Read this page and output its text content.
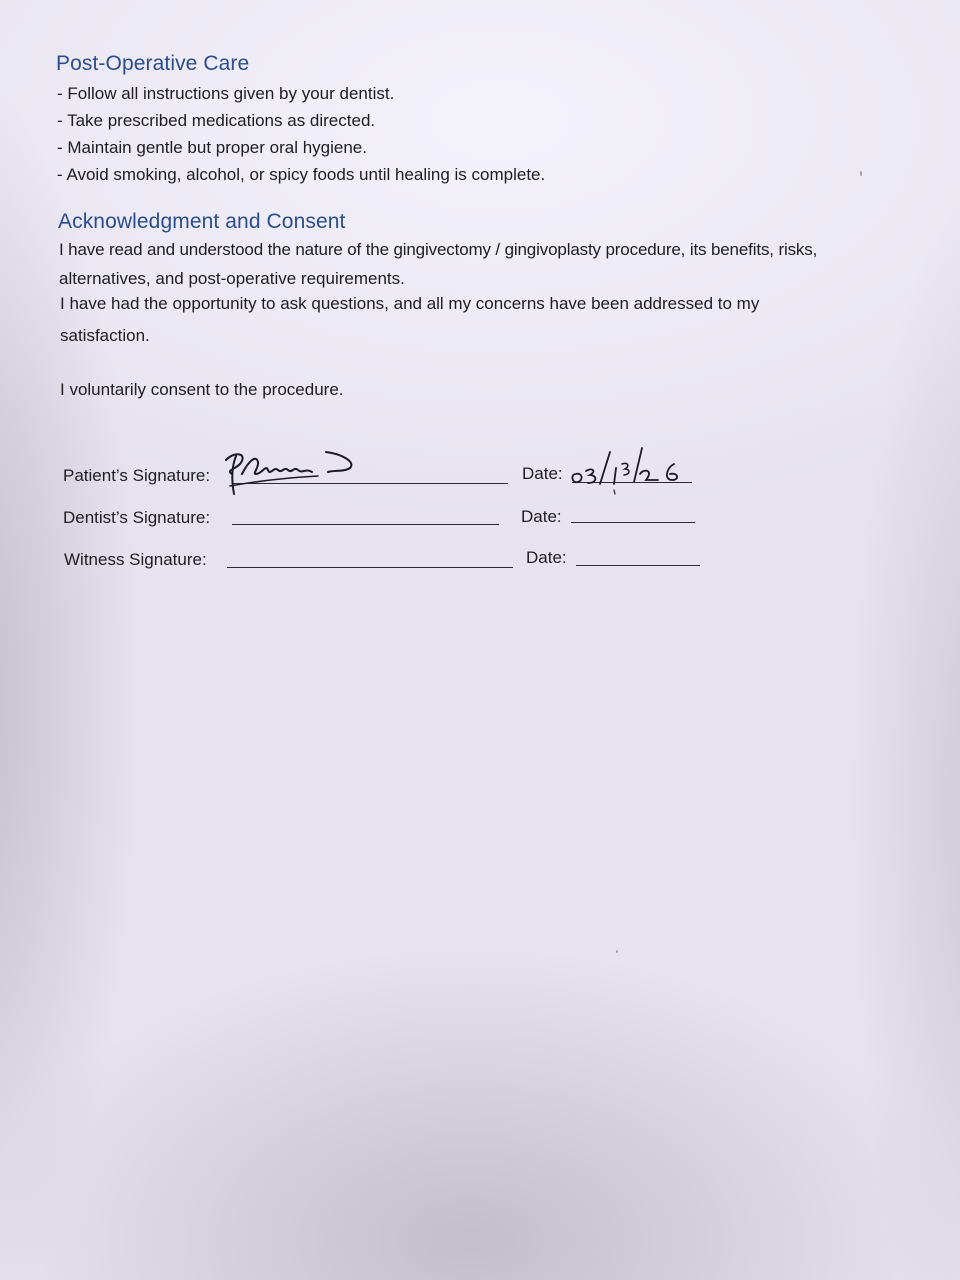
Post-Operative Care
- Follow all instructions given by your dentist.
- Take prescribed medications as directed.
- Maintain gentle but proper oral hygiene.
- Avoid smoking, alcohol, or spicy foods until healing is complete.
Acknowledgment and Consent
I have read and understood the nature of the gingivectomy / gingivoplasty procedure, its benefits, risks,
alternatives, and post-operative requirements.
I have had the opportunity to ask questions, and all my concerns have been addressed to my
satisfaction.
I voluntarily consent to the procedure.
Patient’s Signature:	Date:
Dentist’s Signature:	Date:
Witness Signature:	Date:
